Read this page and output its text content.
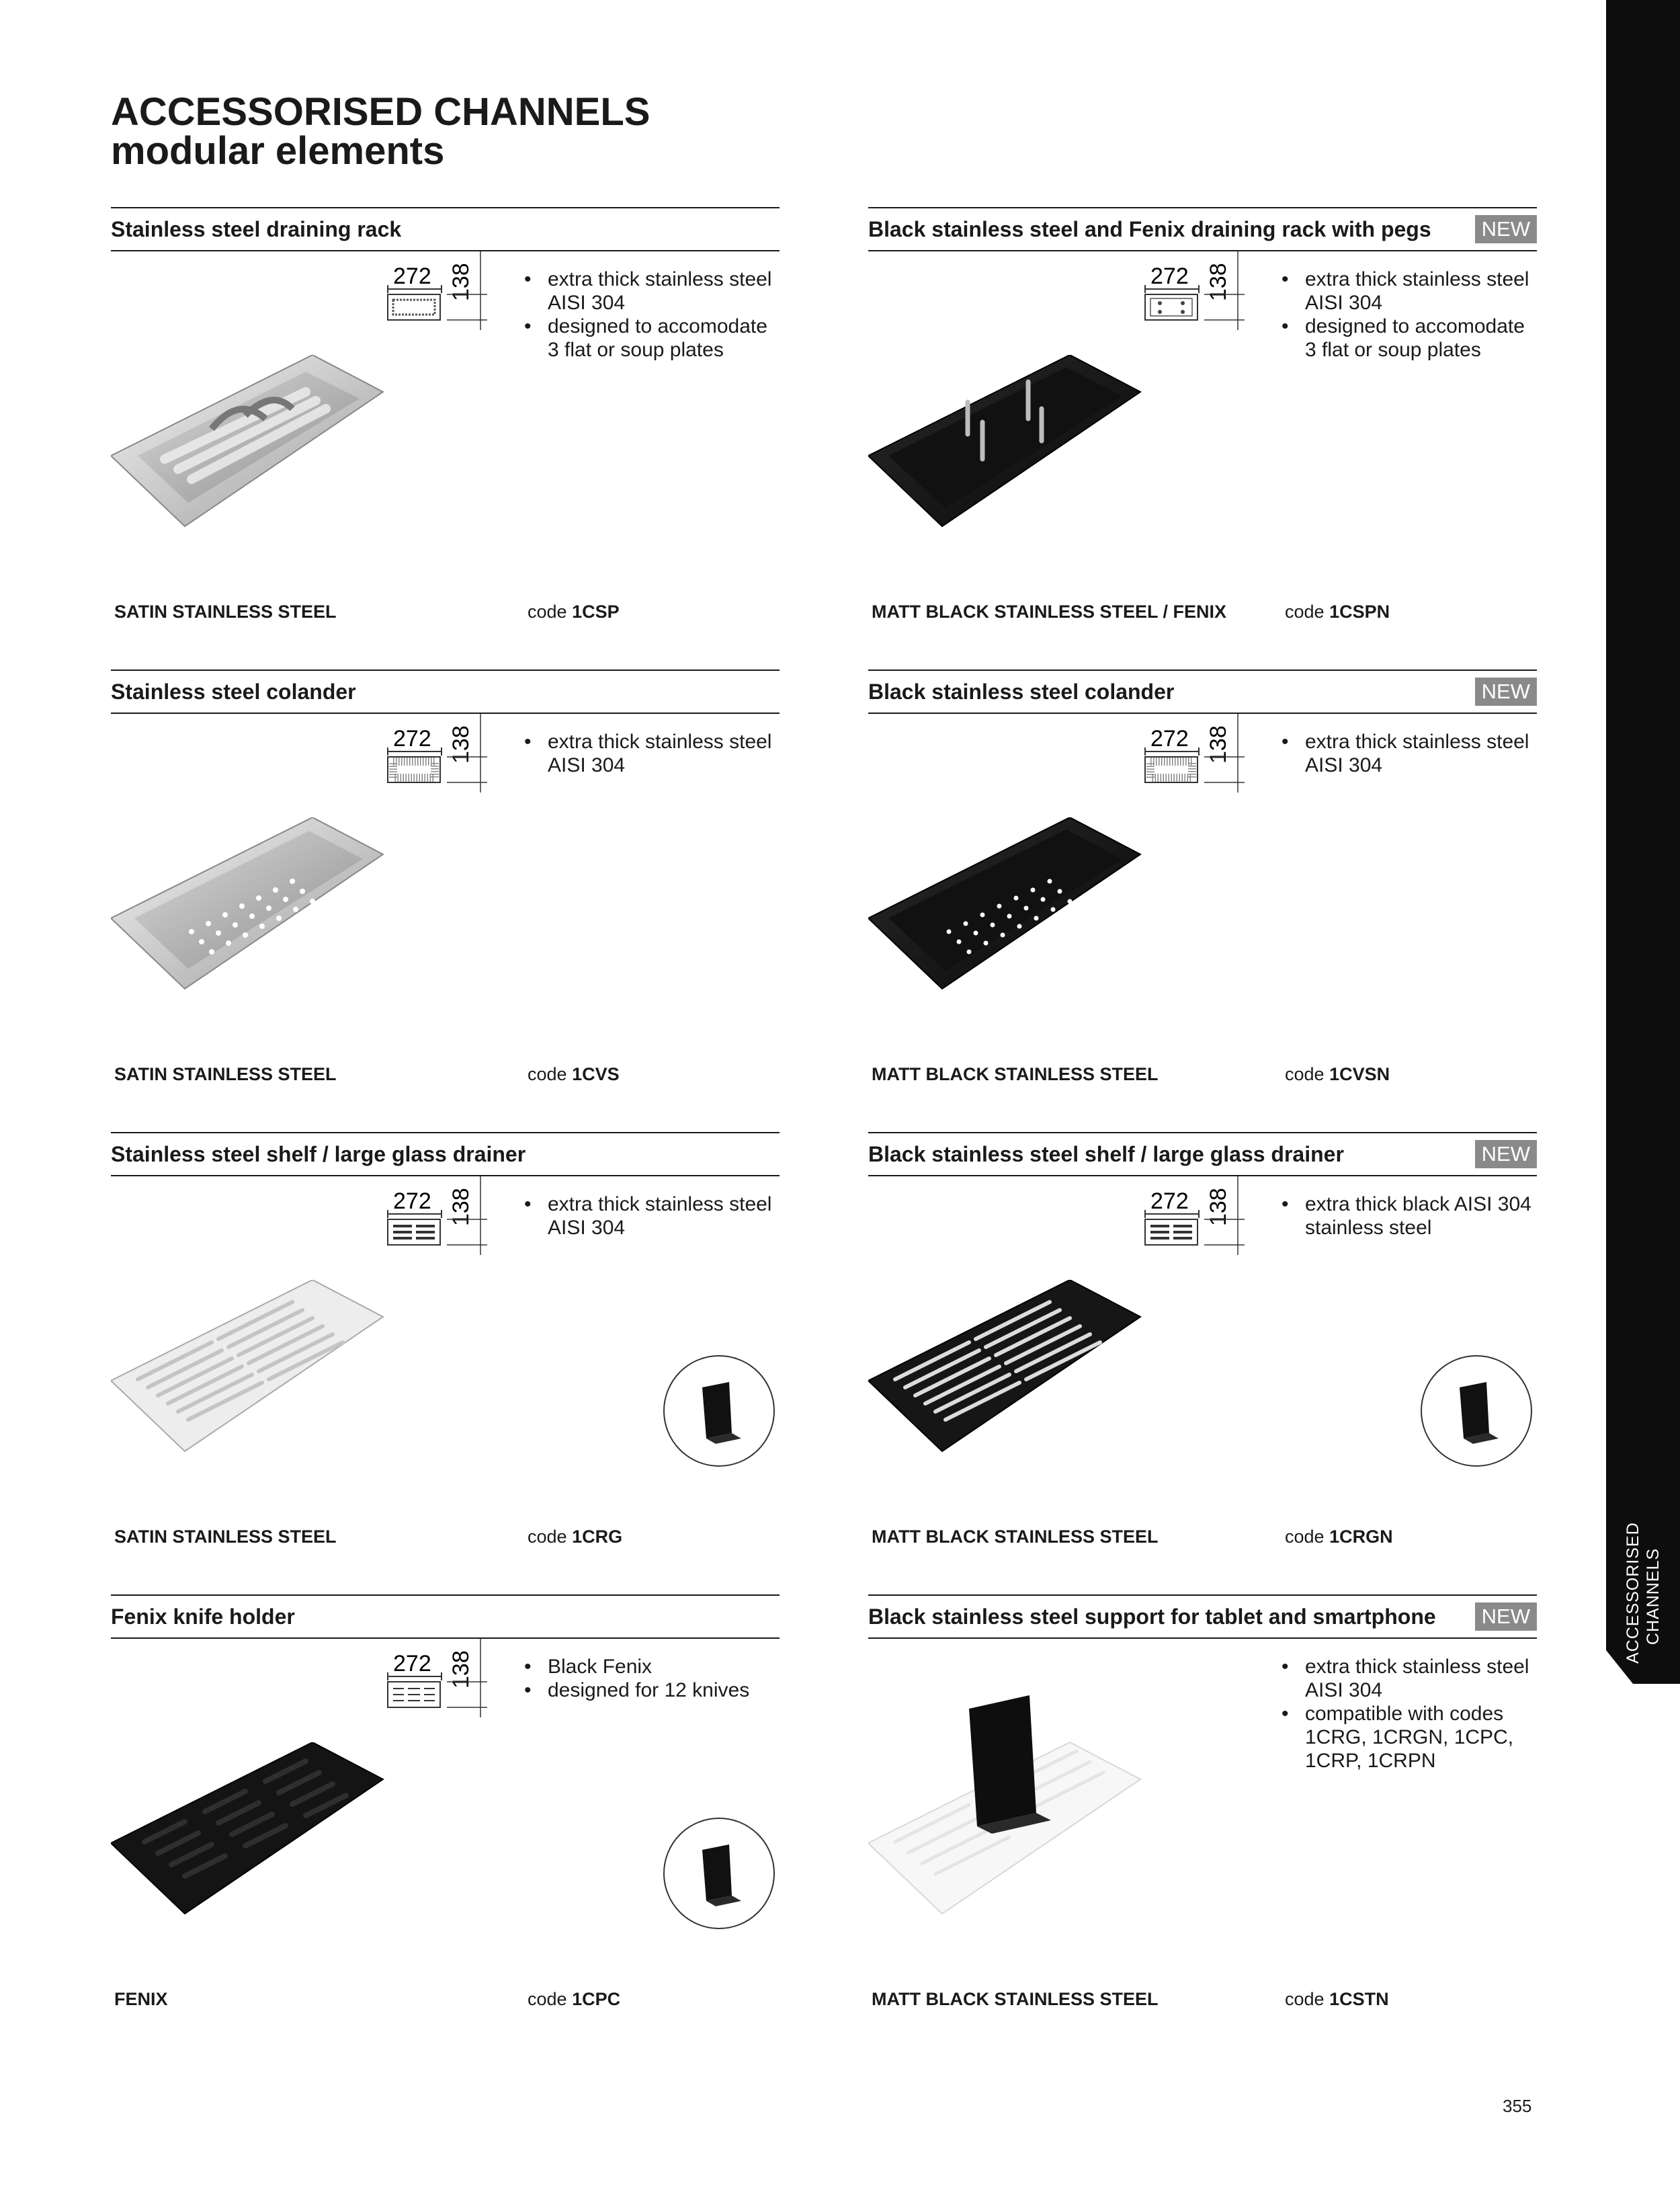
ACCESSORISED CHANNELS
modular elements
ACCESSORISED CHANNELS
Stainless steel draining rack
272 138	• extra thick stainless steel AISI 304
• designed to accomodate 3 flat or soup plates
SATIN STAINLESS STEEL	code 1CSP
Black stainless steel and Fenix draining rack with pegs	NEW
272 138	• extra thick stainless steel AISI 304
• designed to accomodate 3 flat or soup plates
MATT BLACK STAINLESS STEEL / FENIX	code 1CSPN
Stainless steel colander
272 138	• extra thick stainless steel AISI 304
SATIN STAINLESS STEEL	code 1CVS
Black stainless steel colander	NEW
272 138	• extra thick stainless steel AISI 304
MATT BLACK STAINLESS STEEL	code 1CVSN
Stainless steel shelf / large glass drainer
272 138	• extra thick stainless steel AISI 304
SATIN STAINLESS STEEL	code 1CRG
Black stainless steel shelf / large glass drainer	NEW
272 138	• extra thick black AISI 304 stainless steel
MATT BLACK STAINLESS STEEL	code 1CRGN
Fenix knife holder
272 138	• Black Fenix
• designed for 12 knives
FENIX	code 1CPC
Black stainless steel support for tablet and smartphone	NEW
• extra thick stainless steel AISI 304
• compatible with codes 1CRG, 1CRGN, 1CPC, 1CRP, 1CRPN
MATT BLACK STAINLESS STEEL	code 1CSTN
355
